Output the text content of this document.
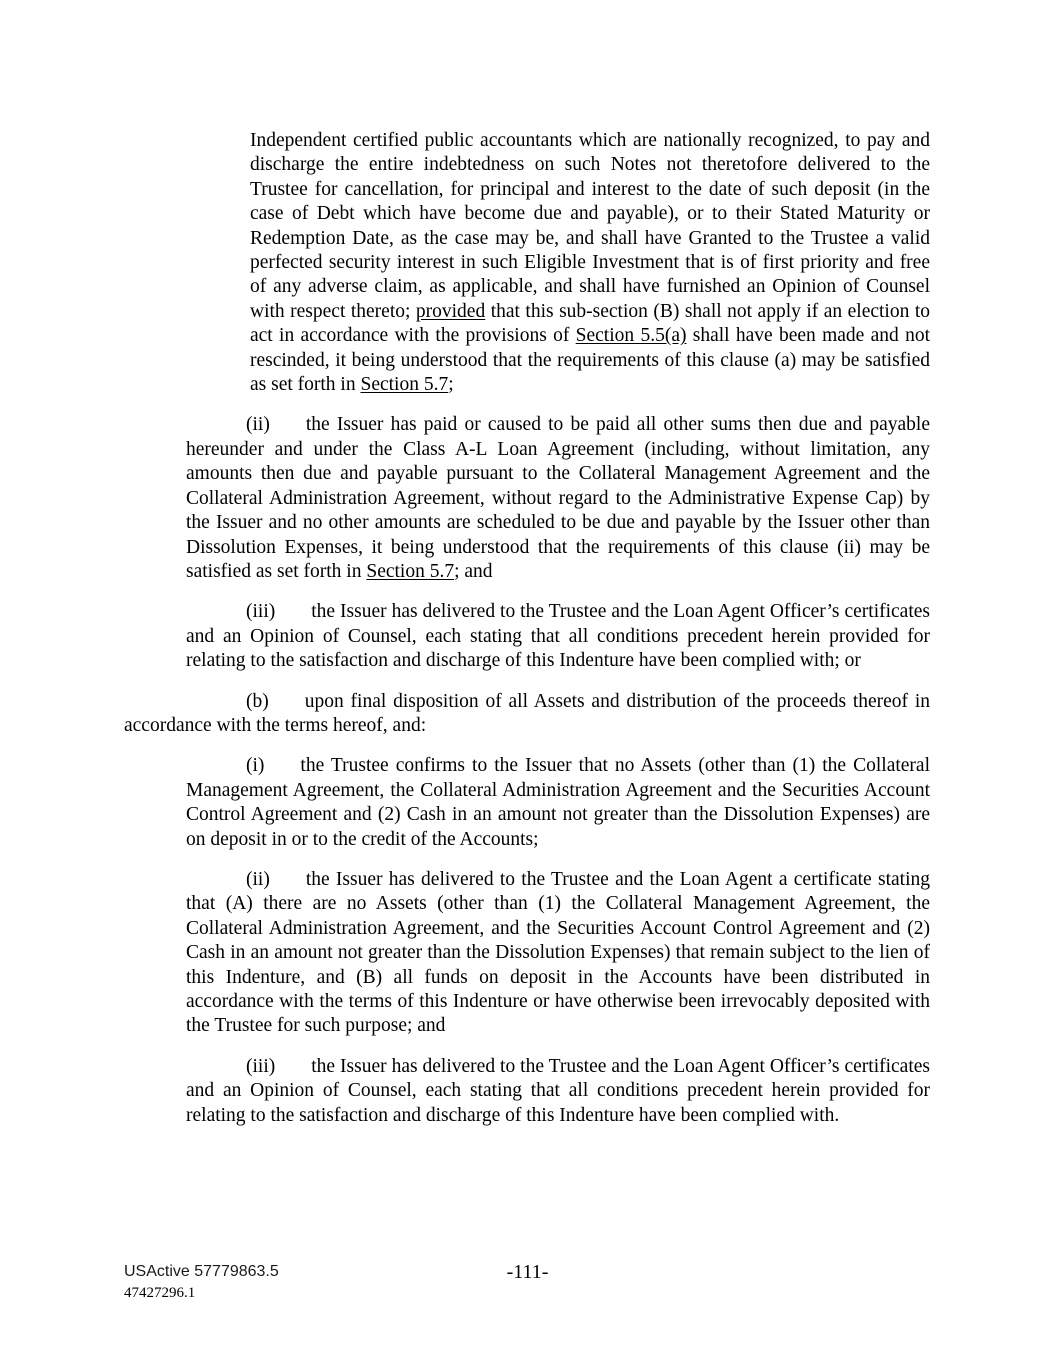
Independent certified public accountants which are nationally recognized, to pay and discharge the entire indebtedness on such Notes not theretofore delivered to the Trustee for cancellation, for principal and interest to the date of such deposit (in the case of Debt which have become due and payable), or to their Stated Maturity or Redemption Date, as the case may be, and shall have Granted to the Trustee a valid perfected security interest in such Eligible Investment that is of first priority and free of any adverse claim, as applicable, and shall have furnished an Opinion of Counsel with respect thereto; provided that this sub-section (B) shall not apply if an election to act in accordance with the provisions of Section 5.5(a) shall have been made and not rescinded, it being understood that the requirements of this clause (a) may be satisfied as set forth in Section 5.7;

(ii) the Issuer has paid or caused to be paid all other sums then due and payable hereunder and under the Class A-L Loan Agreement (including, without limitation, any amounts then due and payable pursuant to the Collateral Management Agreement and the Collateral Administration Agreement, without regard to the Administrative Expense Cap) by the Issuer and no other amounts are scheduled to be due and payable by the Issuer other than Dissolution Expenses, it being understood that the requirements of this clause (ii) may be satisfied as set forth in Section 5.7; and

(iii) the Issuer has delivered to the Trustee and the Loan Agent Officer’s certificates and an Opinion of Counsel, each stating that all conditions precedent herein provided for relating to the satisfaction and discharge of this Indenture have been complied with; or

(b) upon final disposition of all Assets and distribution of the proceeds thereof in accordance with the terms hereof, and:

(i) the Trustee confirms to the Issuer that no Assets (other than (1) the Collateral Management Agreement, the Collateral Administration Agreement and the Securities Account Control Agreement and (2) Cash in an amount not greater than the Dissolution Expenses) are on deposit in or to the credit of the Accounts;

(ii) the Issuer has delivered to the Trustee and the Loan Agent a certificate stating that (A) there are no Assets (other than (1) the Collateral Management Agreement, the Collateral Administration Agreement, and the Securities Account Control Agreement and (2) Cash in an amount not greater than the Dissolution Expenses) that remain subject to the lien of this Indenture, and (B) all funds on deposit in the Accounts have been distributed in accordance with the terms of this Indenture or have otherwise been irrevocably deposited with the Trustee for such purpose; and

(iii) the Issuer has delivered to the Trustee and the Loan Agent Officer’s certificates and an Opinion of Counsel, each stating that all conditions precedent herein provided for relating to the satisfaction and discharge of this Indenture have been complied with.

USActive 57779863.5
47427296.1
-111-
